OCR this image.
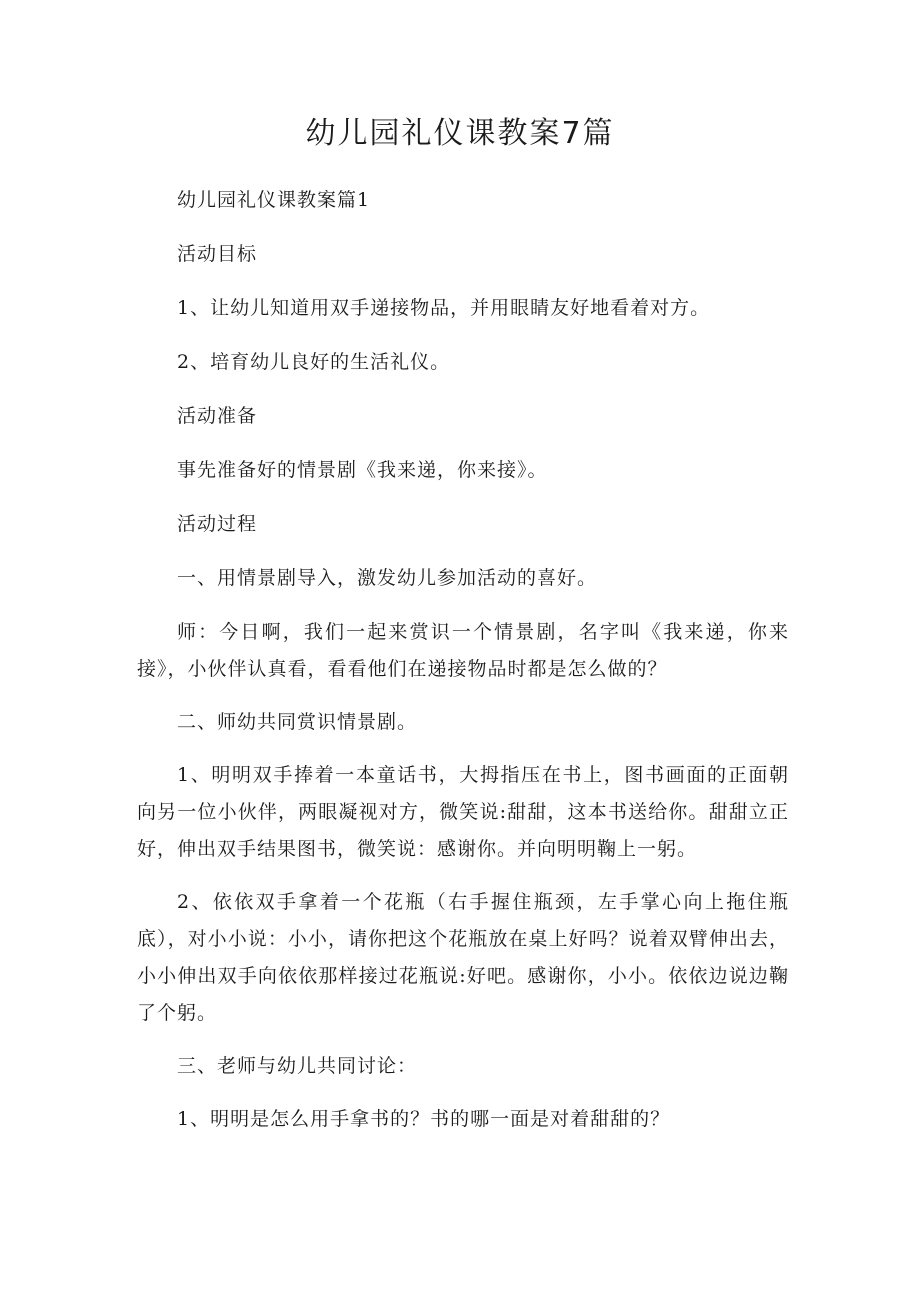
幼儿园礼仪课教案7篇

幼儿园礼仪课教案篇1

活动目标

1、让幼儿知道用双手递接物品，并用眼睛友好地看着对方。

2、培育幼儿良好的生活礼仪。

活动准备

事先准备好的情景剧《我来递，你来接》。

活动过程

一、用情景剧导入，激发幼儿参加活动的喜好。

师：今日啊，我们一起来赏识一个情景剧，名字叫《我来递，你来接》，小伙伴认真看，看看他们在递接物品时都是怎么做的？

二、师幼共同赏识情景剧。

1、明明双手捧着一本童话书，大拇指压在书上，图书画面的正面朝向另一位小伙伴，两眼凝视对方，微笑说:甜甜，这本书送给你。甜甜立正好，伸出双手结果图书，微笑说：感谢你。并向明明鞠上一躬。

2、依依双手拿着一个花瓶（右手握住瓶颈，左手掌心向上拖住瓶底），对小小说：小小，请你把这个花瓶放在桌上好吗？说着双臂伸出去，小小伸出双手向依依那样接过花瓶说:好吧。感谢你，小小。依依边说边鞠了个躬。

三、老师与幼儿共同讨论：

1、明明是怎么用手拿书的？书的哪一面是对着甜甜的？
